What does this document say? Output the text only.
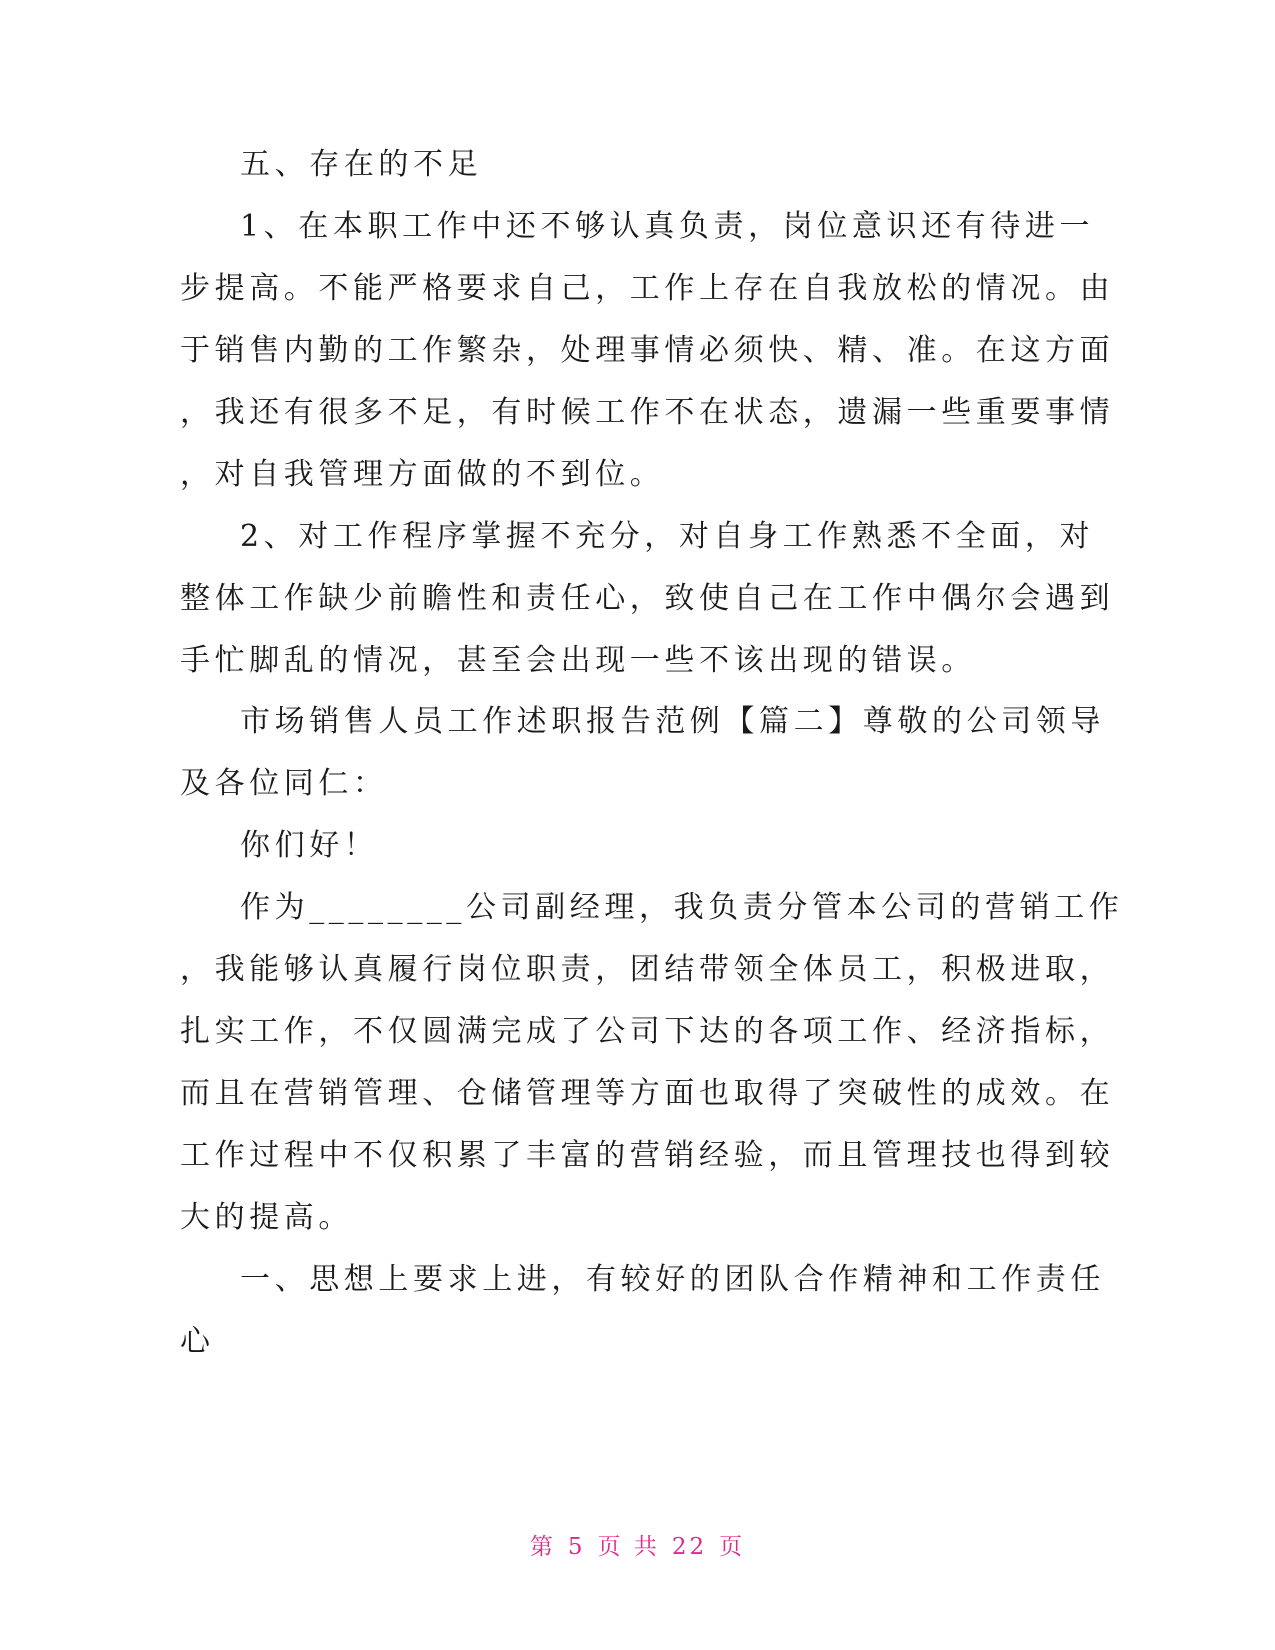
五、存在的不足
1、在本职工作中还不够认真负责，岗位意识还有待进一
步提高。不能严格要求自己，工作上存在自我放松的情况。由
于销售内勤的工作繁杂，处理事情必须快、精、准。在这方面
，我还有很多不足，有时候工作不在状态，遗漏一些重要事情
，对自我管理方面做的不到位。
2、对工作程序掌握不充分，对自身工作熟悉不全面，对
整体工作缺少前瞻性和责任心，致使自己在工作中偶尔会遇到
手忙脚乱的情况，甚至会出现一些不该出现的错误。
市场销售人员工作述职报告范例【篇二】尊敬的公司领导
及各位同仁：
你们好！
作为________公司副经理，我负责分管本公司的营销工作
，我能够认真履行岗位职责，团结带领全体员工，积极进取，
扎实工作，不仅圆满完成了公司下达的各项工作、经济指标，
而且在营销管理、仓储管理等方面也取得了突破性的成效。在
工作过程中不仅积累了丰富的营销经验，而且管理技也得到较
大的提高。
一、思想上要求上进，有较好的团队合作精神和工作责任
心
第 5 页 共 22 页
